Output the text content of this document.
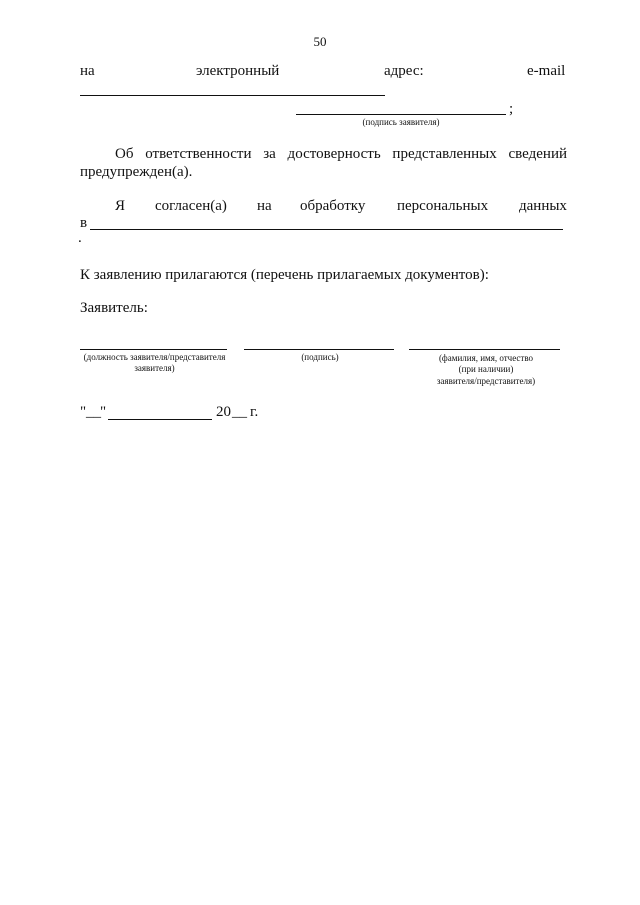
50
на	электронный	адрес:	e-mail
;
(подпись заявителя)
Об ответственности за достоверность представленных сведений
предупрежден(а).
Я согласен(а) на обработку персональных данных
в
.
К заявлению прилагаются (перечень прилагаемых документов):
Заявитель:
(должность заявителя/представителя
заявителя)
(подпись)	(фамилия, имя, отчество
(при наличии)
заявителя/представителя)
" __ "	20 __ г.
